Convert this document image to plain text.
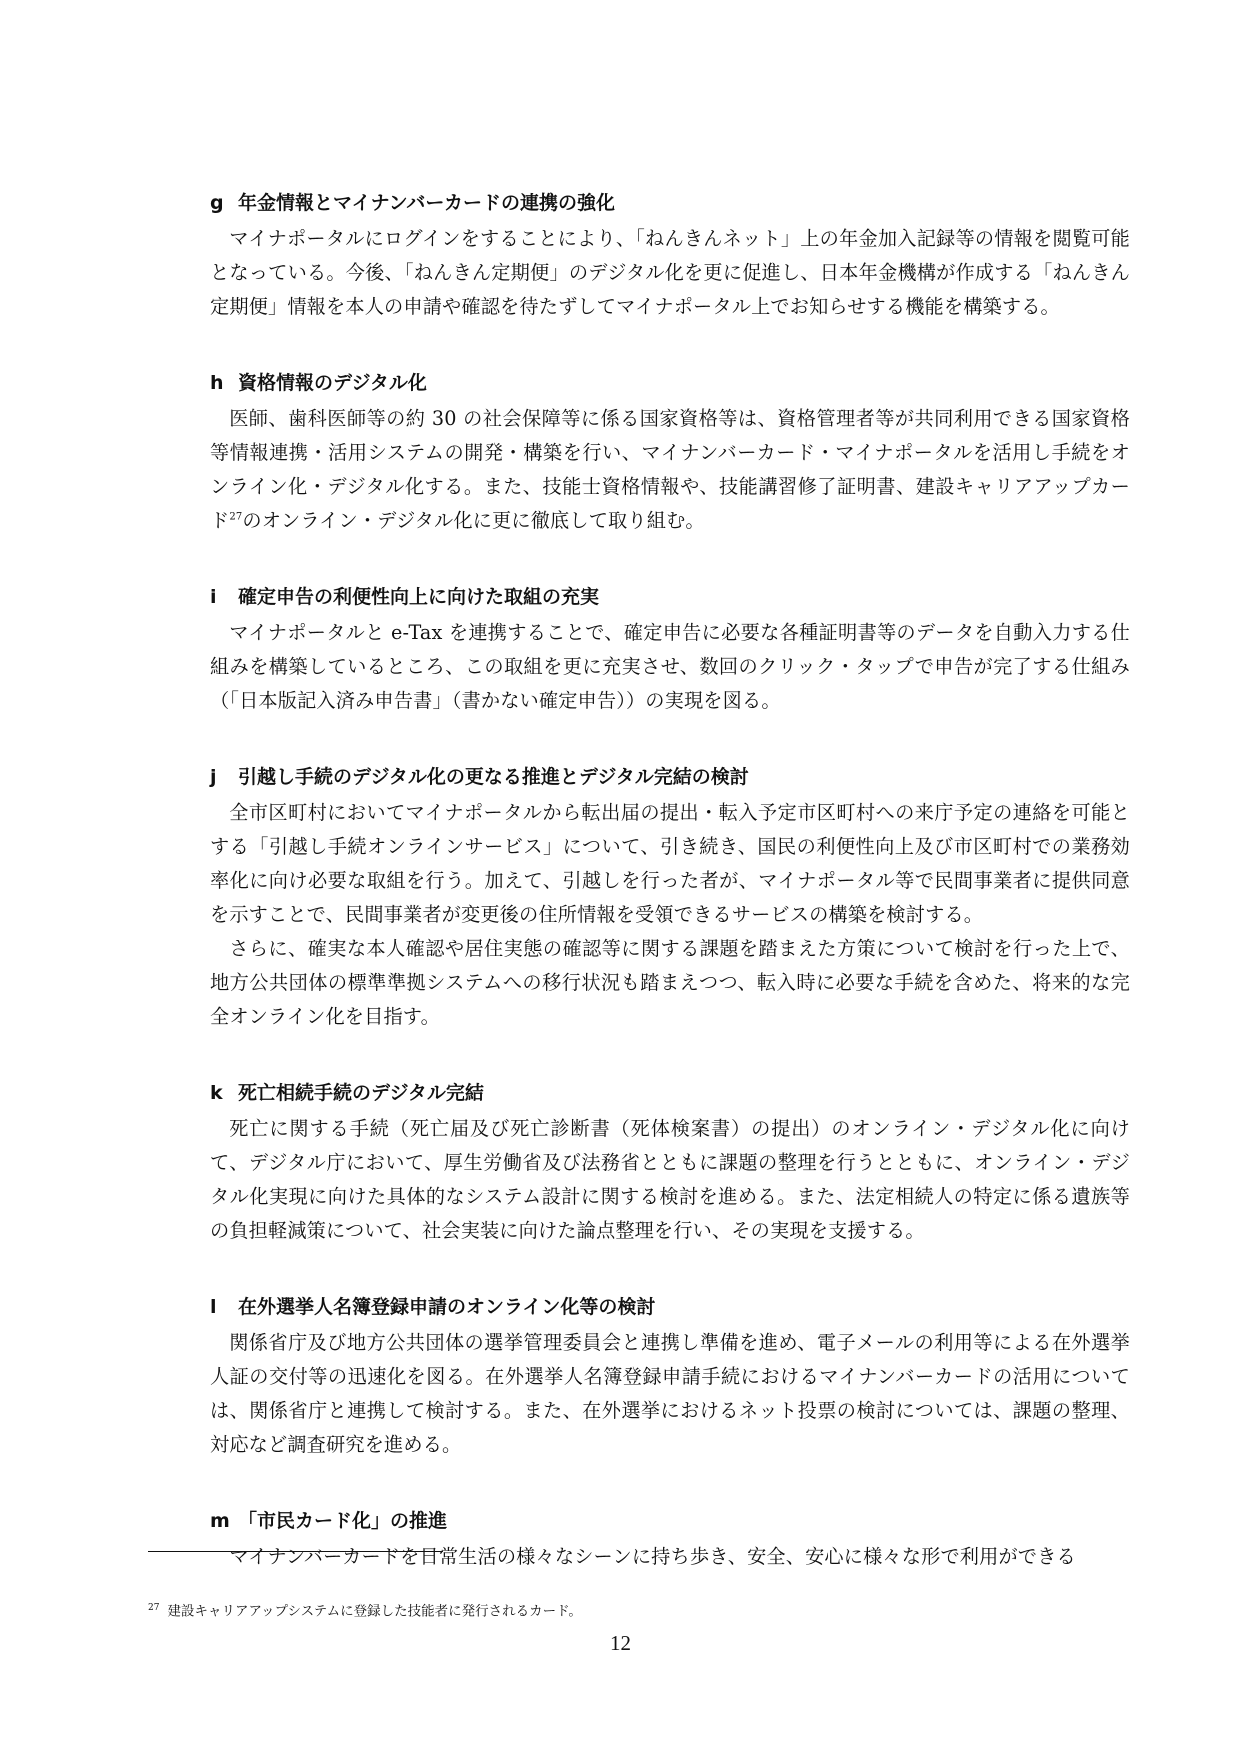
g 年金情報とマイナンバーカードの連携の強化

マイナポータルにログインをすることにより、「ねんきんネット」上の年金加入記録等の情報を閲覧可能となっている。今後、「ねんきん定期便」のデジタル化を更に促進し、日本年金機構が作成する「ねんきん定期便」情報を本人の申請や確認を待たずしてマイナポータル上でお知らせする機能を構築する。

h 資格情報のデジタル化

医師、歯科医師等の約 30 の社会保障等に係る国家資格等は、資格管理者等が共同利用できる国家資格等情報連携・活用システムの開発・構築を行い、マイナンバーカード・マイナポータルを活用し手続をオンライン化・デジタル化する。また、技能士資格情報や、技能講習修了証明書、建設キャリアアップカード$^{27}$のオンライン・デジタル化に更に徹底して取り組む。

i 確定申告の利便性向上に向けた取組の充実

マイナポータルと e-Tax を連携することで、確定申告に必要な各種証明書等のデータを自動入力する仕組みを構築しているところ、この取組を更に充実させ、数回のクリック・タップで申告が完了する仕組み（「日本版記入済み申告書」（書かない確定申告））の実現を図る。

j 引越し手続のデジタル化の更なる推進とデジタル完結の検討

全市区町村においてマイナポータルから転出届の提出・転入予定市区町村への来庁予定の連絡を可能とする「引越し手続オンラインサービス」について、引き続き、国民の利便性向上及び市区町村での業務効率化に向け必要な取組を行う。加えて、引越しを行った者が、マイナポータル等で民間事業者に提供同意を示すことで、民間事業者が変更後の住所情報を受領できるサービスの構築を検討する。

さらに、確実な本人確認や居住実態の確認等に関する課題を踏まえた方策について検討を行った上で、地方公共団体の標準準拠システムへの移行状況も踏まえつつ、転入時に必要な手続を含めた、将来的な完全オンライン化を目指す。

k 死亡相続手続のデジタル完結

死亡に関する手続（死亡届及び死亡診断書（死体検案書）の提出）のオンライン・デジタル化に向けて、デジタル庁において、厚生労働省及び法務省とともに課題の整理を行うとともに、オンライン・デジタル化実現に向けた具体的なシステム設計に関する検討を進める。また、法定相続人の特定に係る遺族等の負担軽減策について、社会実装に向けた論点整理を行い、その実現を支援する。

l 在外選挙人名簿登録申請のオンライン化等の検討

関係省庁及び地方公共団体の選挙管理委員会と連携し準備を進め、電子メールの利用等による在外選挙人証の交付等の迅速化を図る。在外選挙人名簿登録申請手続におけるマイナンバーカードの活用については、関係省庁と連携して検討する。また、在外選挙におけるネット投票の検討については、課題の整理、対応など調査研究を進める。

m 「市民カード化」の推進

マイナンバーカードを日常生活の様々なシーンに持ち歩き、安全、安心に様々な形で利用ができる

$^{27}$ 建設キャリアアップシステムに登録した技能者に発行されるカード。
12
